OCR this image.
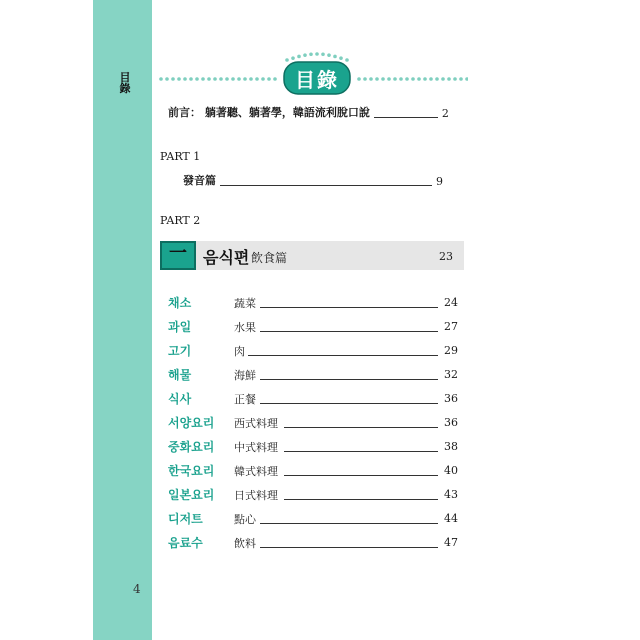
目
錄
4
目錄
前言： 躺著聽、躺著學，韓語流利脫口說	2
PART 1
發音篇	9
PART 2
一	음식편 飲食篇	23
채소	蔬菜	24
과일	水果	27
고기	肉	29
해물	海鮮	32
식사	正餐	36
서양요리 西式料理	36
중화요리 中式料理	38
한국요리 韓式料理	40
일본요리 日式料理	43
디저트	點心	44
음료수	飲料	47
